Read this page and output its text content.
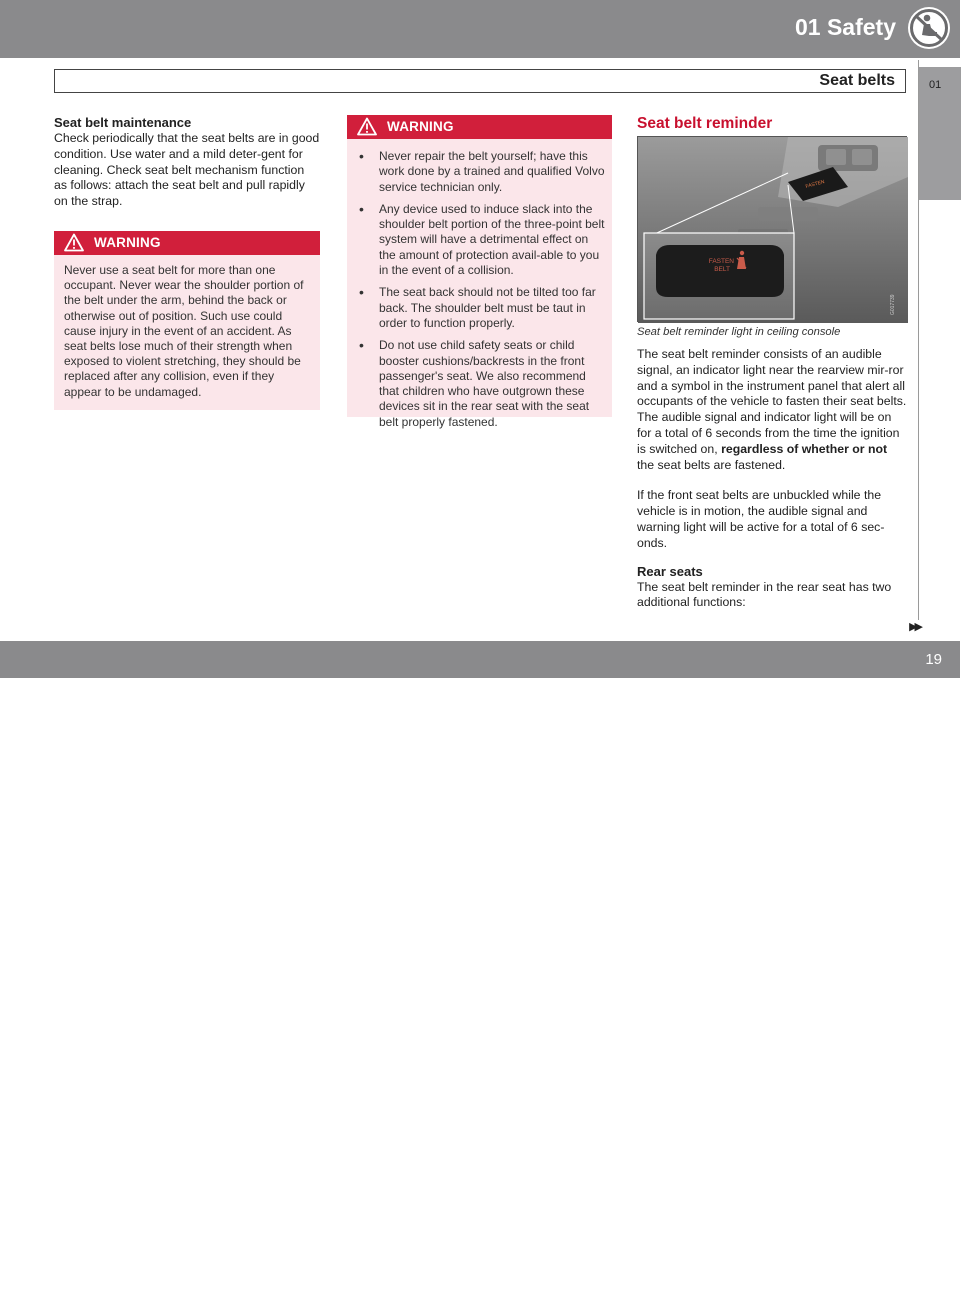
01 Safety
Seat belts	01
Seat belt maintenance

Check periodically that the seat belts are in good condition. Use water and a mild deter-gent for cleaning. Check seat belt mechanism function as follows: attach the seat belt and pull rapidly on the strap.

WARNING
Never use a seat belt for more than one occupant. Never wear the shoulder portion of the belt under the arm, behind the back or otherwise out of position. Such use could cause injury in the event of an accident. As seat belts lose much of their strength when exposed to violent stretching, they should be replaced after any collision, even if they appear to be undamaged.
WARNING
• Never repair the belt yourself; have this work done by a trained and qualified Volvo service technician only.
• Any device used to induce slack into the shoulder belt portion of the three-point belt system will have a detrimental effect on the amount of protection avail-able to you in the event of a collision.
• The seat back should not be tilted too far back. The shoulder belt must be taut in order to function properly.
• Do not use child safety seats or child booster cushions/backrests in the front passenger's seat. We also recommend that children who have outgrown these devices sit in the rear seat with the seat belt properly fastened.
Seat belt reminder
FASTEN
FASTEN
BELT
G017739
Seat belt reminder light in ceiling console

The seat belt reminder consists of an audible signal, an indicator light near the rearview mir-ror and a symbol in the instrument panel that alert all occupants of the vehicle to fasten their seat belts. The audible signal and indicator light will be on for a total of 6 seconds from the time the ignition is switched on, regardless of whether or not the seat belts are fastened.

If the front seat belts are unbuckled while the vehicle is in motion, the audible signal and warning light will be active for a total of 6 sec-onds.

Rear seats

The seat belt reminder in the rear seat has two additional functions:

▶▶
carmanualsonline.info
19
